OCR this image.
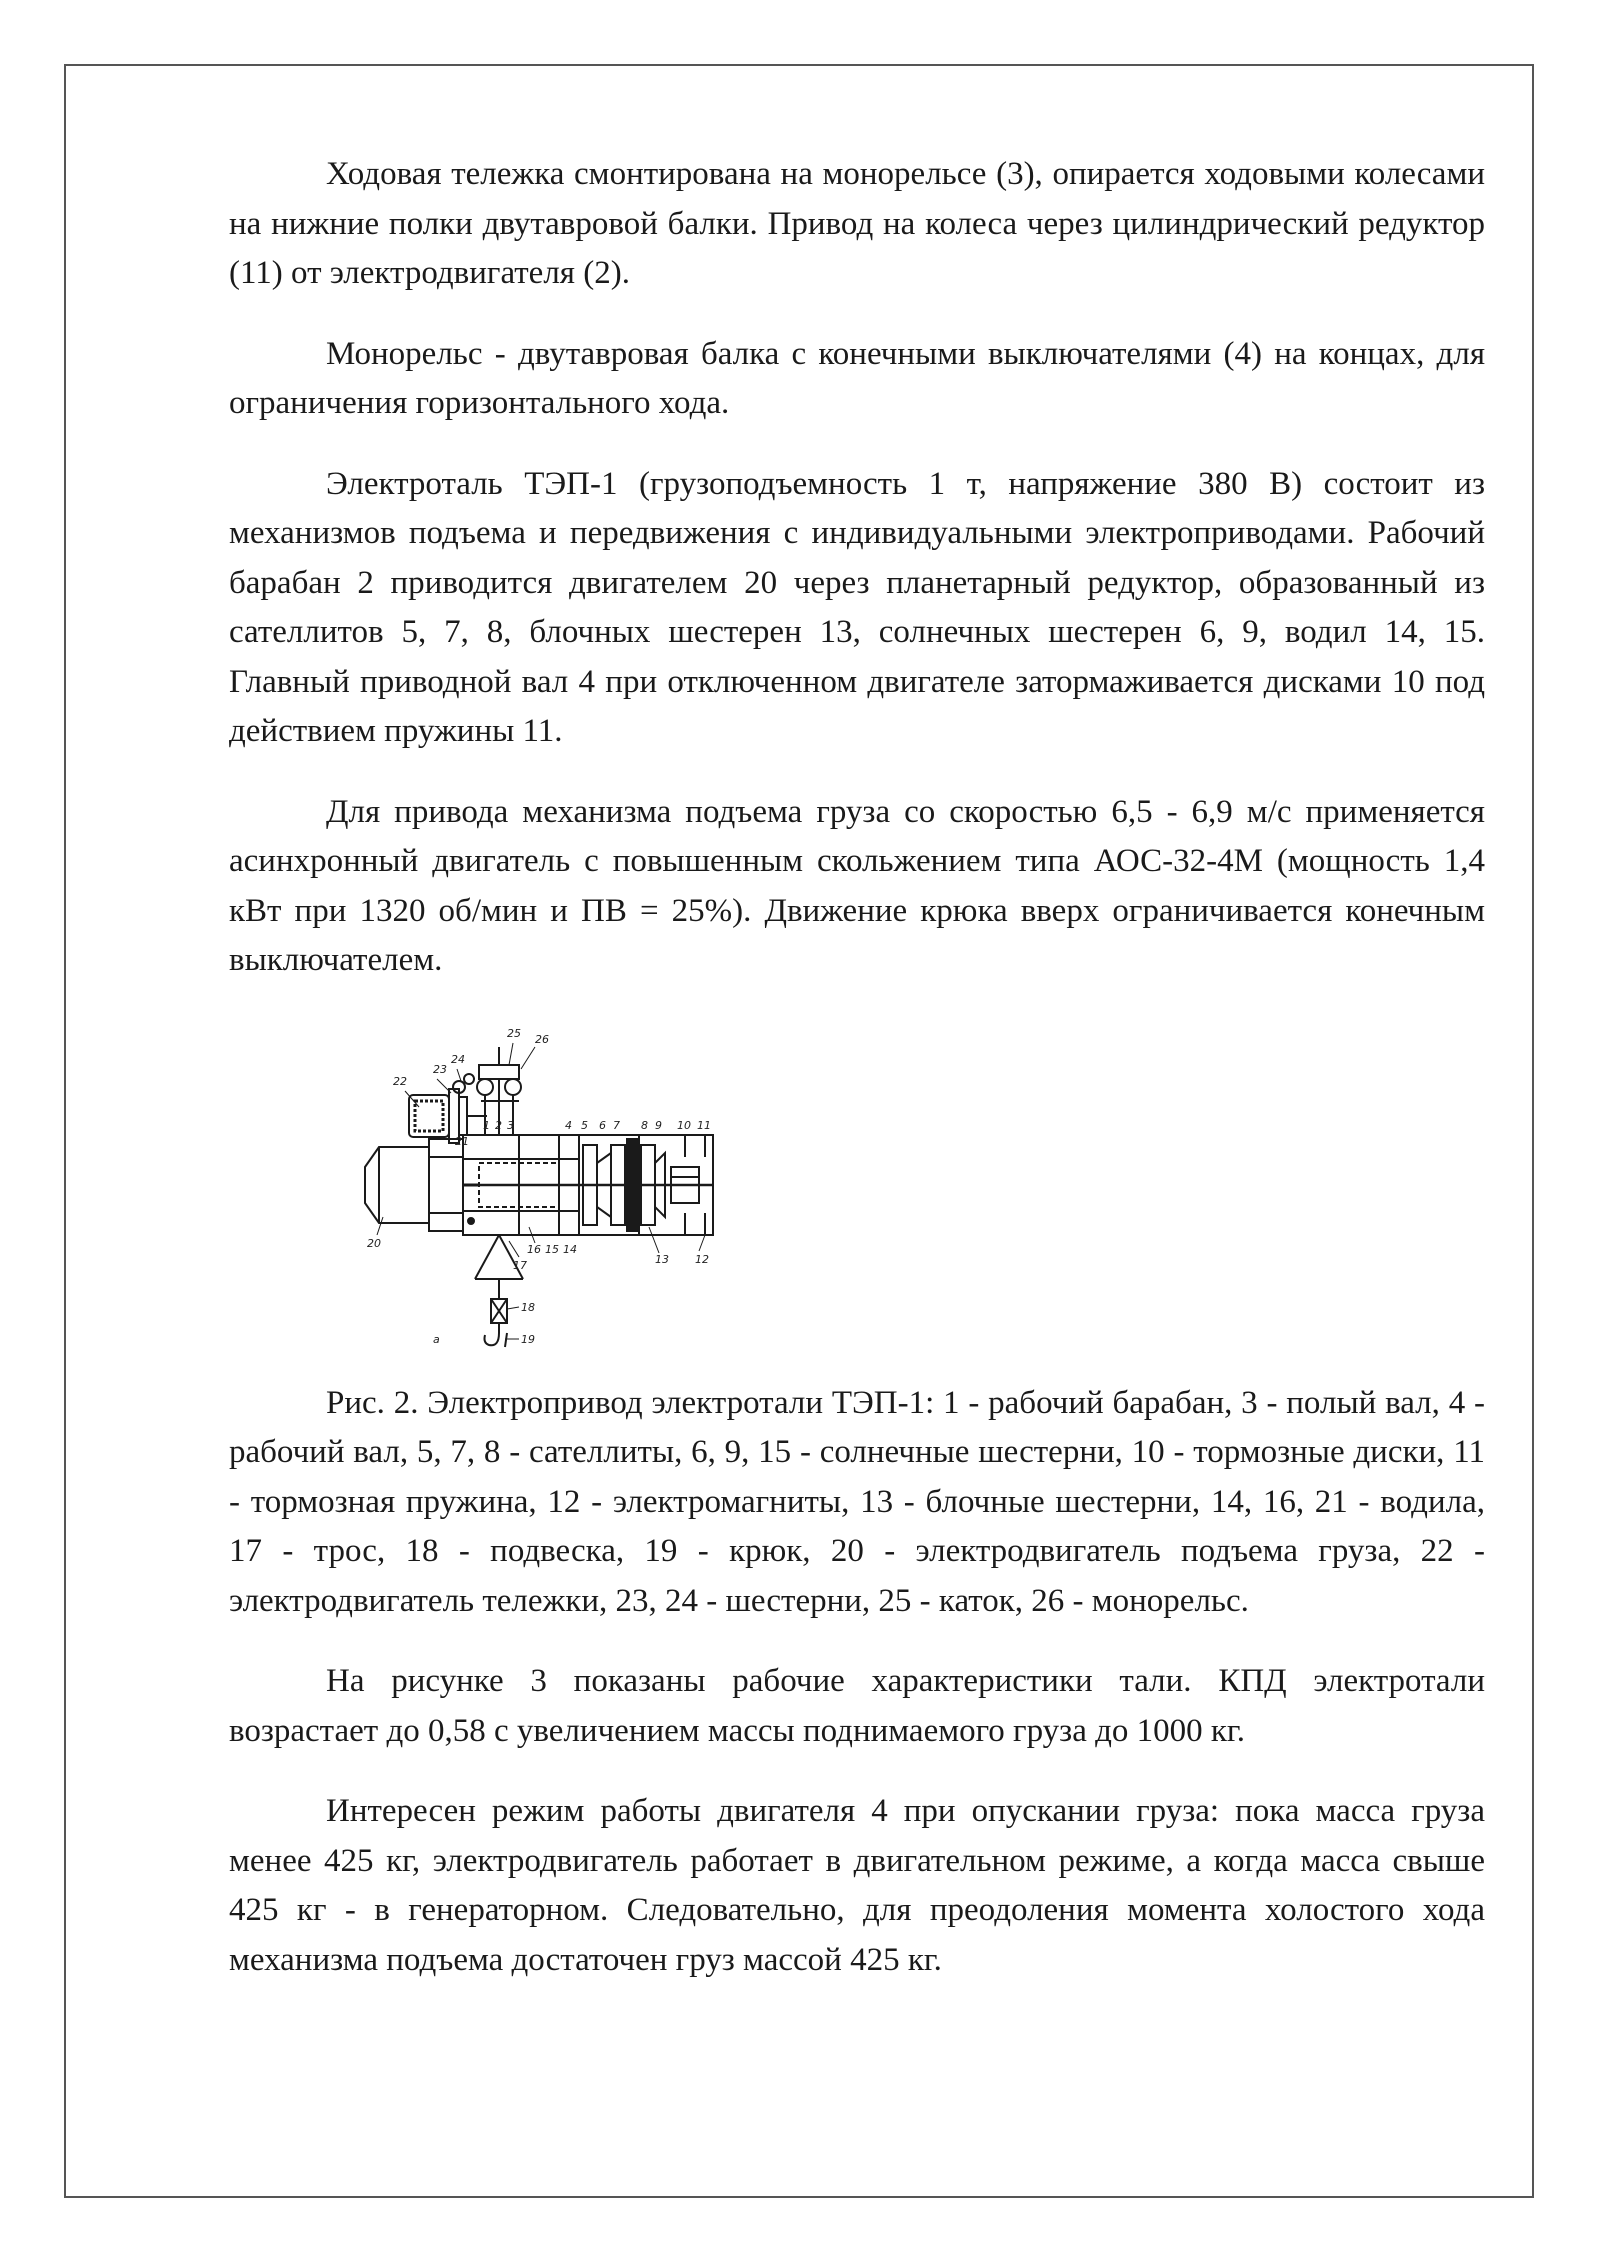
Ходовая тележка смонтирована на монорельсе (3), опирается ходовыми колесами на нижние полки двутавровой балки. Привод на колеса через цилиндрический редуктор (11) от электродвигателя (2).

Монорельс - двутавровая балка с конечными выключателями (4) на концах, для ограничения горизонтального хода.

Электроталь ТЭП-1 (грузоподъемность 1 т, напряжение 380 В) состоит из механизмов подъема и передвижения с индивидуальными электроприводами. Рабочий барабан 2 приводится двигателем 20 через планетарный редуктор, образованный из сателлитов 5, 7, 8, блочных шестерен 13, солнечных шестерен 6, 9, водил 14, 15. Главный приводной вал 4 при отключенном двигателе затормаживается дисками 10 под действием пружины 11.

Для привода механизма подъема груза со скоростью 6,5 - 6,9 м/с применяется асинхронный двигатель с повышенным скольжением типа АОС-32-4М (мощность 1,4 кВт при 1320 об/мин и ПВ = 25%). Движение крюка вверх ограничивается конечным выключателем.

22
23
24
25 26
21
1 2 3	4 5 6 7 8 9 10 11
20	16 15 14
13 12
17
18
19
а

Рис. 2. Электропривод электротали ТЭП-1: 1 - рабочий барабан, 3 - полый вал, 4 - рабочий вал, 5, 7, 8 - сателлиты, 6, 9, 15 - солнечные шестерни, 10 - тормозные диски, 11 - тормозная пружина, 12 - электромагниты, 13 - блочные шестерни, 14, 16, 21 - водила, 17 - трос, 18 - подвеска, 19 - крюк, 20 - электродвигатель подъема груза, 22 - электродвигатель тележки, 23, 24 - шестерни, 25 - каток, 26 - монорельс.

На рисунке 3 показаны рабочие характеристики тали. КПД электротали возрастает до 0,58 с увеличением массы поднимаемого груза до 1000 кг.

Интересен режим работы двигателя 4 при опускании груза: пока масса груза менее 425 кг, электродвигатель работает в двигательном режиме, а когда масса свыше 425 кг - в генераторном. Следовательно, для преодоления момента холостого хода механизма подъема достаточен груз массой 425 кг.
